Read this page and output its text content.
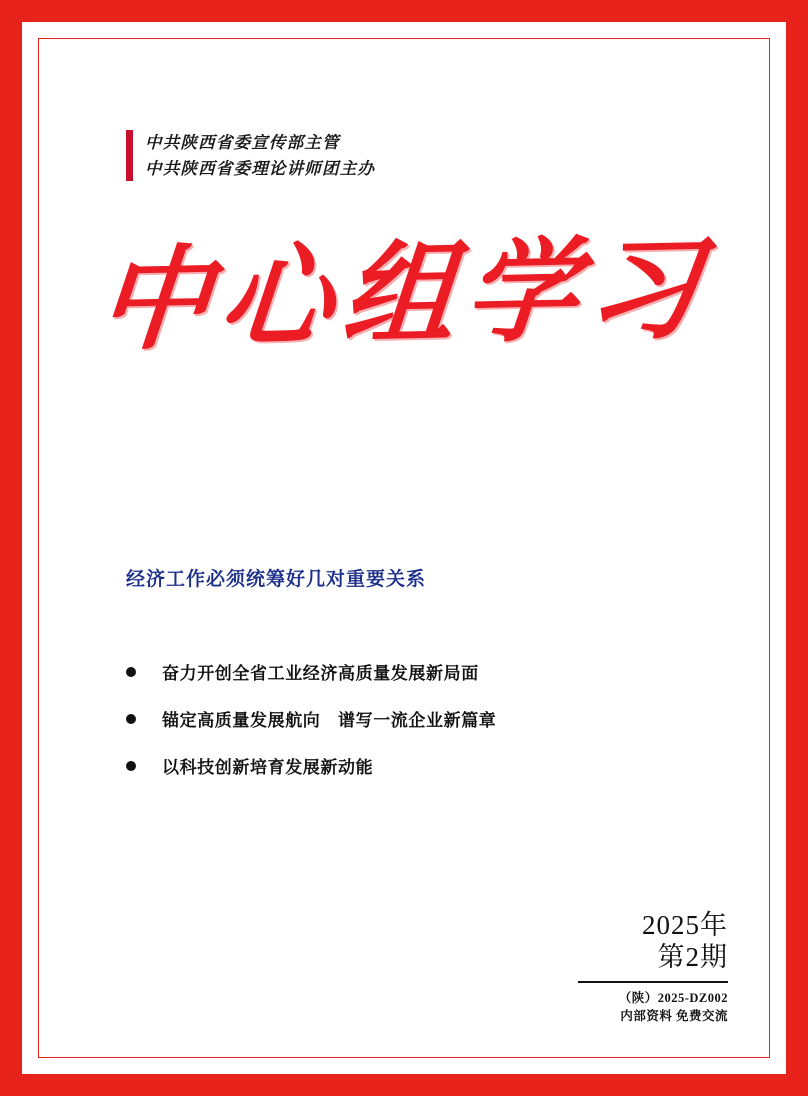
中共陕西省委宣传部主管
中共陕西省委理论讲师团主办
中心组学习
经济工作必须统筹好几对重要关系
奋力开创全省工业经济高质量发展新局面
锚定高质量发展航向　谱写一流企业新篇章
以科技创新培育发展新动能
2025年
第2期
（陕）2025-DZ002
内部资料 免费交流
